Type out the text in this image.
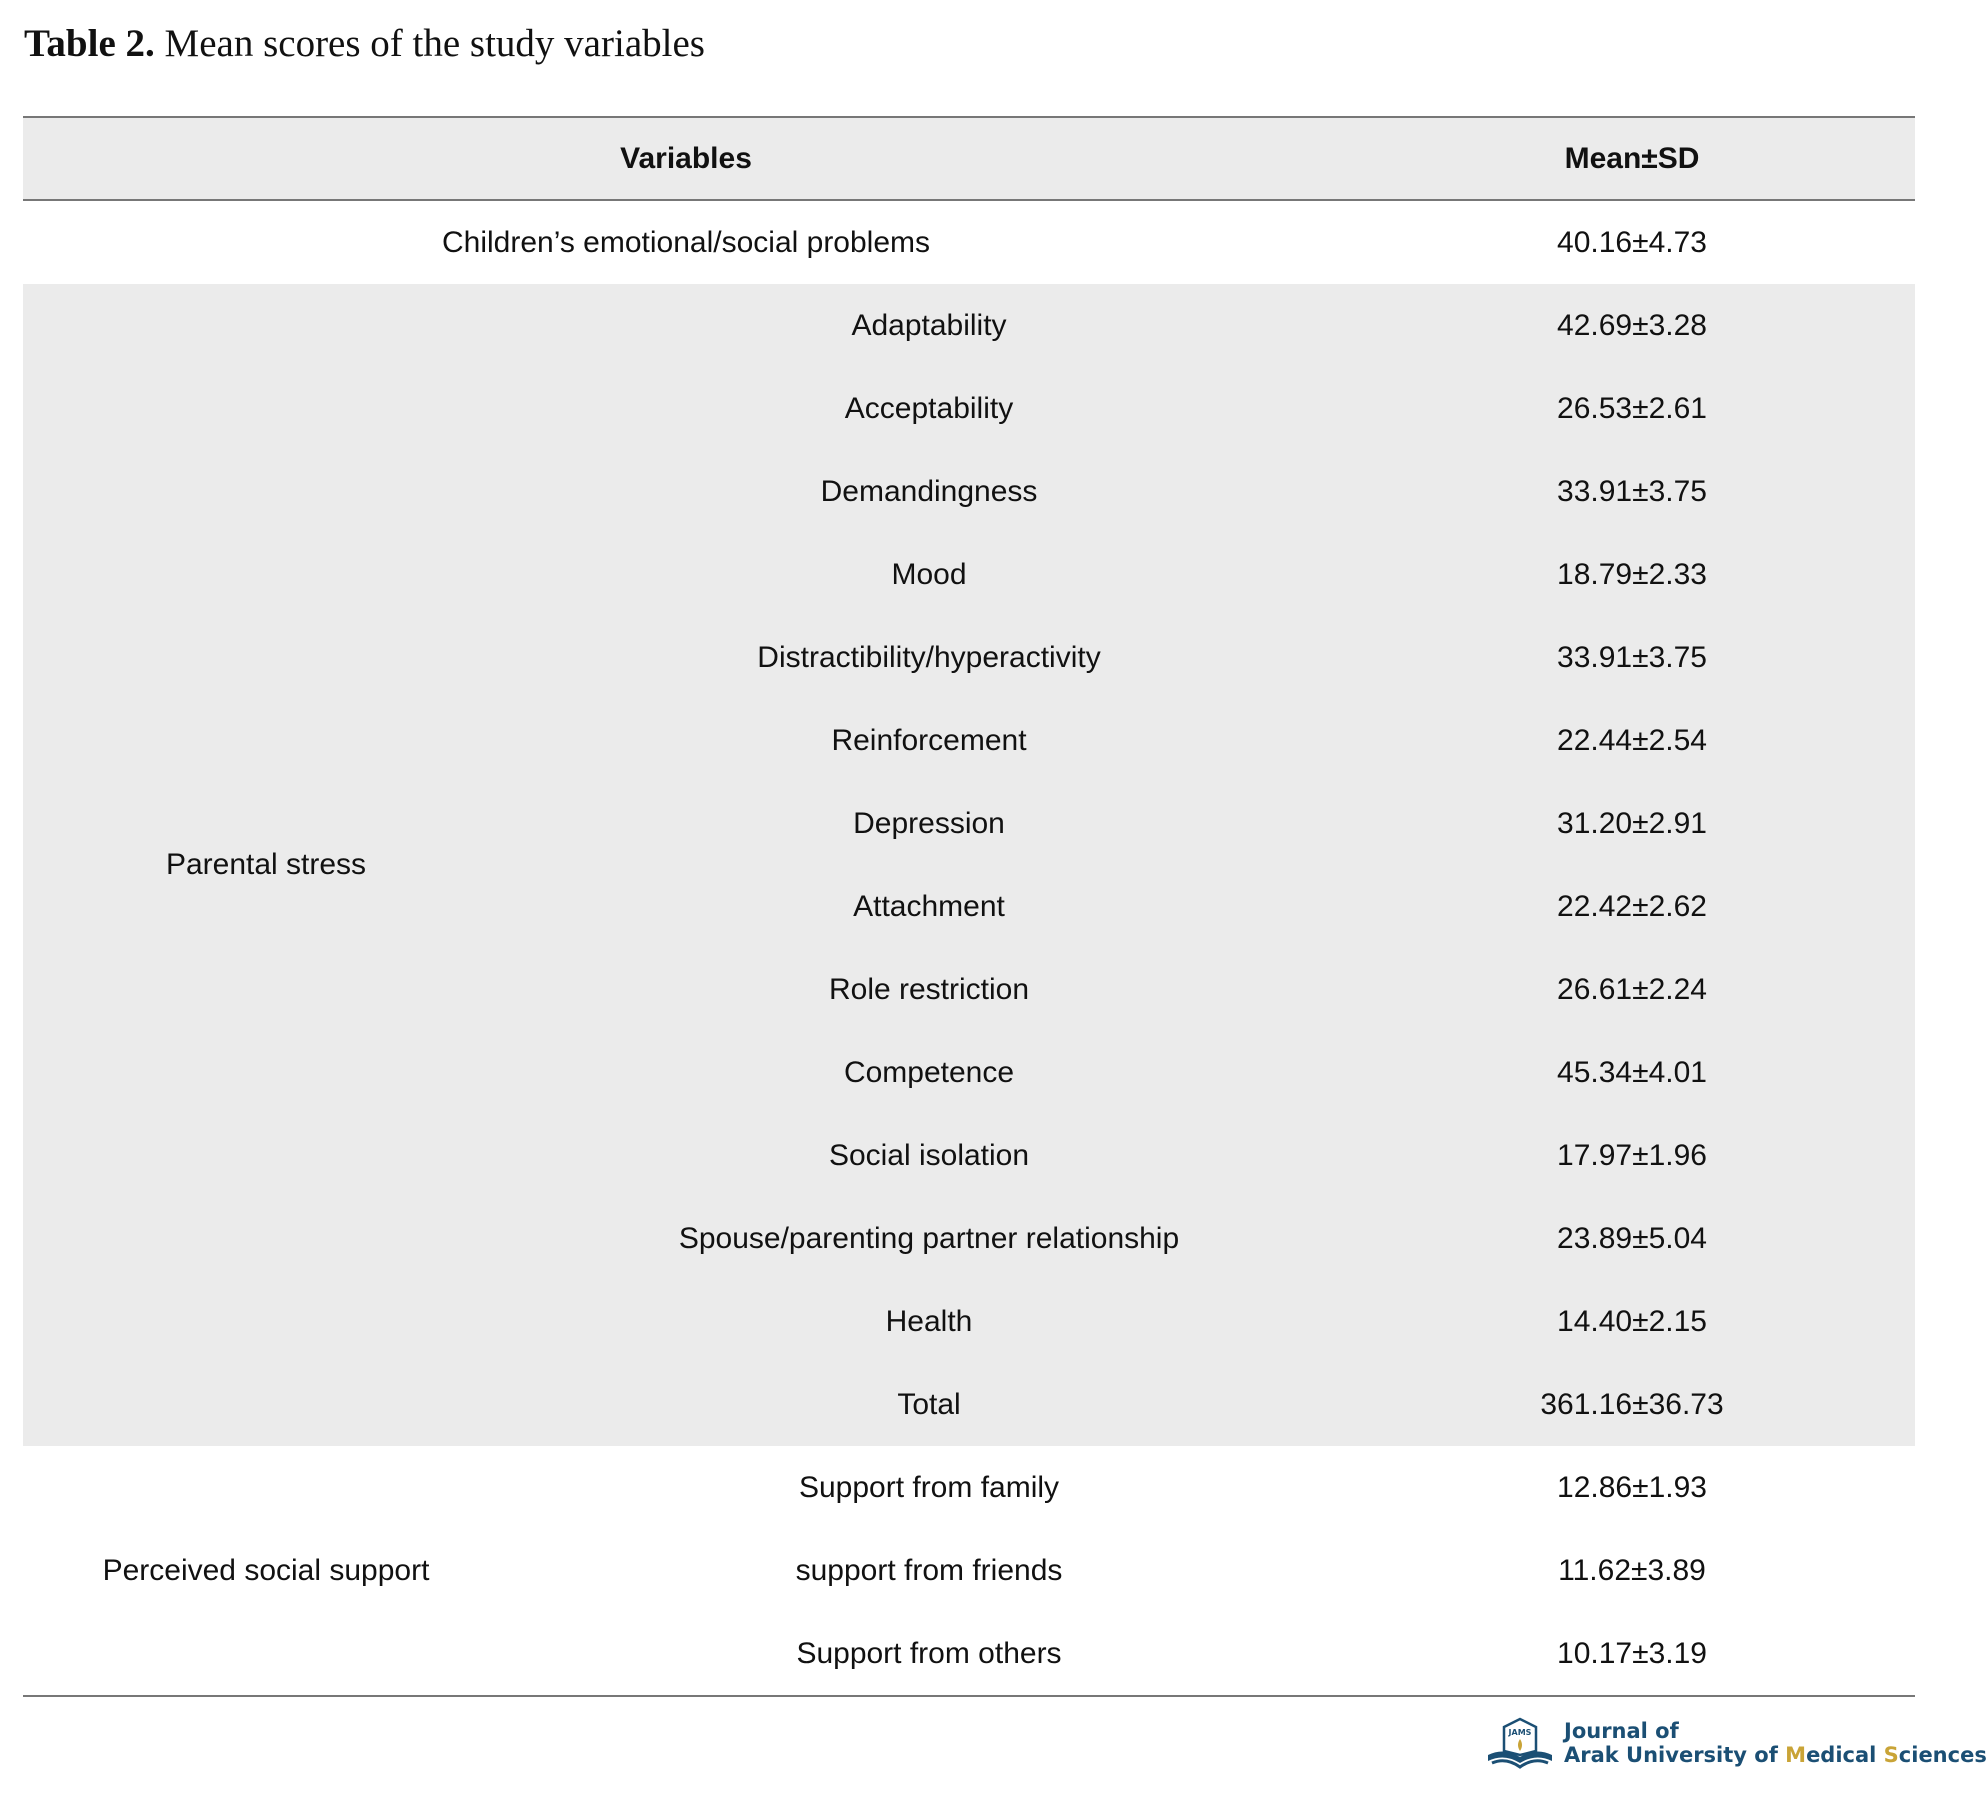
Table 2. Mean scores of the study variables
Variables		Mean±SD
Children’s emotional/social problems		40.16±4.73
Parental stress	Adaptability	42.69±3.28
	Acceptability	26.53±2.61
	Demandingness	33.91±3.75
	Mood	18.79±2.33
	Distractibility/hyperactivity	33.91±3.75
	Reinforcement	22.44±2.54
	Depression	31.20±2.91
	Attachment	22.42±2.62
	Role restriction	26.61±2.24
	Competence	45.34±4.01
	Social isolation	17.97±1.96
	Spouse/parenting partner relationship	23.89±5.04
	Health	14.40±2.15
	Total	361.16±36.73
Perceived social support	Support from family	12.86±1.93
	support from friends	11.62±3.89
	Support from others	10.17±3.19
JAMS Journal of
Arak University of Medical Sciences
